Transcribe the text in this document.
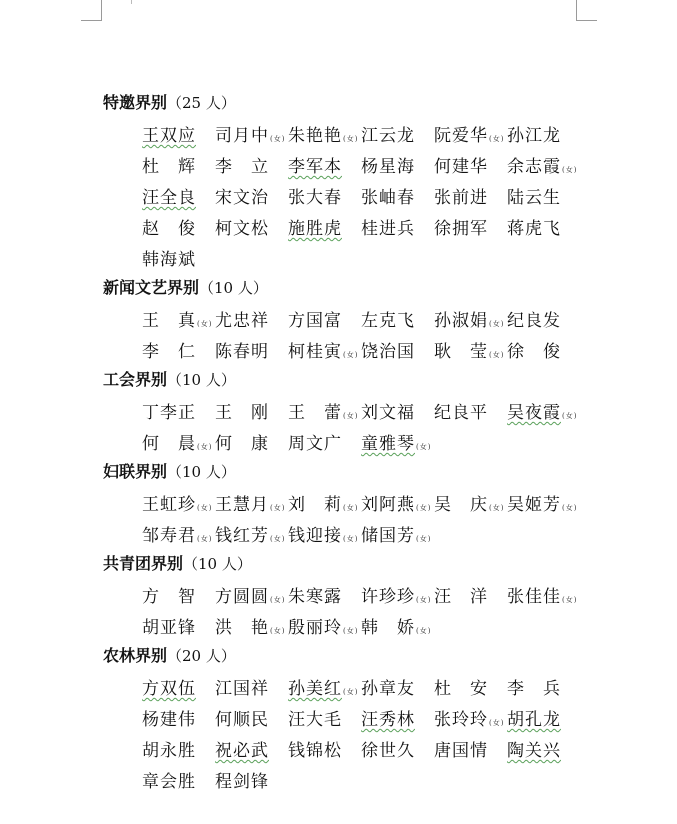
特邀界别（25 人）
王双应 司月中 (女) 朱艳艳 (女) 江云龙 阮爱华 (女) 孙江龙
杜　辉 李　立 李军本 杨星海 何建华 余志霞 (女)
汪全良 宋文治 张大春 张岫春 张前进 陆云生
赵　俊 柯文松 施胜虎 桂进兵 徐拥军 蒋虎飞
韩海斌
新闻文艺界别（10 人）
王　真 (女) 尤忠祥 方国富 左克飞 孙淑娟 (女) 纪良发
李　仁 陈春明 柯桂寅 (女) 饶治国 耿　莹 (女) 徐　俊
工会界别（10 人）
丁李正 王　刚 王　蕾 (女) 刘文福 纪良平 吴夜霞 (女)
何　晨 (女) 何　康 周文广 童雅琴 (女)
妇联界别（10 人）
王虹珍 (女) 王慧月 (女) 刘　莉 (女) 刘阿燕 (女) 吴　庆 (女) 吴姬芳 (女)
邹寿君 (女) 钱红芳 (女) 钱迎接 (女) 储国芳 (女)
共青团界别（10 人）
方　智 方圆圆 (女) 朱寒露 许珍珍 (女) 汪　洋 张佳佳 (女)
胡亚锋 洪　艳 (女) 殷丽玲 (女) 韩　娇 (女)
农林界别（20 人）
方双伍 江国祥 孙美红 (女) 孙章友 杜　安 李　兵
杨建伟 何顺民 汪大毛 汪秀林 张玲玲 (女) 胡孔龙
胡永胜 祝必武 钱锦松 徐世久 唐国情 陶关兴
章会胜 程剑锋
